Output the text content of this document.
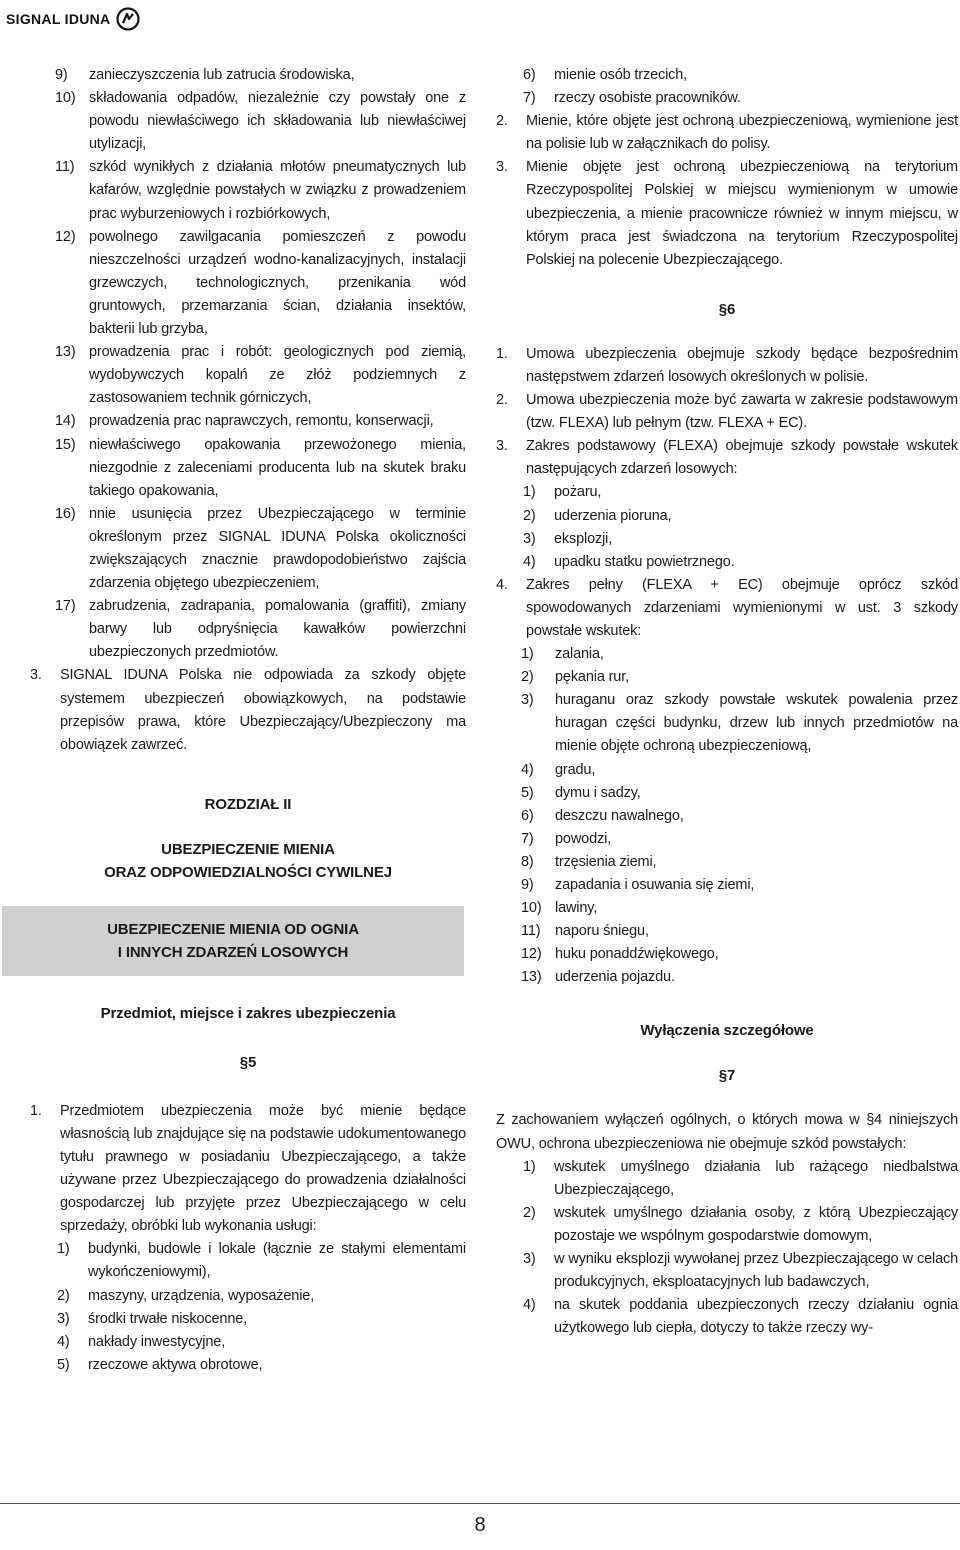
SIGNAL IDUNA
9) zanieczyszczenia lub zatrucia środowiska,
10) składowania odpadów, niezależnie czy powstały one z powodu niewłaściwego ich składowania lub niewłaściwej utylizacji,
11) szkód wynikłych z działania młotów pneumatycznych lub kafarów, względnie powstałych w związku z prowadzeniem prac wyburzeniowych i rozbiórkowych,
12) powolnego zawilgacania pomieszczeń z powodu nieszczelności urządzeń wodno-kanalizacyjnych, instalacji grzewczych, technologicznych, przenikania wód gruntowych, przemarzania ścian, działania insektów, bakterii lub grzyba,
13) prowadzenia prac i robót: geologicznych pod ziemią, wydobywczych kopalń ze złóż podziemnych z zastosowaniem technik górniczych,
14) prowadzenia prac naprawczych, remontu, konserwacji,
15) niewłaściwego opakowania przewożonego mienia, niezgodnie z zaleceniami producenta lub na skutek braku takiego opakowania,
16) nnie usunięcia przez Ubezpieczającego w terminie określonym przez SIGNAL IDUNA Polska okoliczności zwiększających znacznie prawdopodobieństwo zajścia zdarzenia objętego ubezpieczeniem,
17) zabrudzenia, zadrapania, pomalowania (graffiti), zmiany barwy lub odpryśnięcia kawałków powierzchni ubezpieczonych przedmiotów.
3. SIGNAL IDUNA Polska nie odpowiada za szkody objęte systemem ubezpieczeń obowiązkowych, na podstawie przepisów prawa, które Ubezpieczający/Ubezpieczony ma obowiązek zawrzeć.
ROZDZIAŁ II
UBEZPIECZENIE MIENIA
ORAZ ODPOWIEDZIALNOŚCI CYWILNEJ
UBEZPIECZENIE MIENIA OD OGNIA
I INNYCH ZDARZEŃ LOSOWYCH
Przedmiot, miejsce i zakres ubezpieczenia
§5
1. Przedmiotem ubezpieczenia może być mienie będące własnością lub znajdujące się na podstawie udokumentowanego tytułu prawnego w posiadaniu Ubezpieczającego, a także używane przez Ubezpieczającego do prowadzenia działalności gospodarczej lub przyjęte przez Ubezpieczającego w celu sprzedaży, obróbki lub wykonania usługi:
1) budynki, budowle i lokale (łącznie ze stałymi elementami wykończeniowymi),
2) maszyny, urządzenia, wyposażenie,
3) środki trwałe niskocenne,
4) nakłady inwestycyjne,
5) rzeczowe aktywa obrotowe,
6) mienie osób trzecich,
7) rzeczy osobiste pracowników.
2. Mienie, które objęte jest ochroną ubezpieczeniową, wymienione jest na polisie lub w załącznikach do polisy.
3. Mienie objęte jest ochroną ubezpieczeniową na terytorium Rzeczypospolitej Polskiej w miejscu wymienionym w umowie ubezpieczenia, a mienie pracownicze również w innym miejscu, w którym praca jest świadczona na terytorium Rzeczypospolitej Polskiej na polecenie Ubezpieczającego.
§6
1. Umowa ubezpieczenia obejmuje szkody będące bezpośrednim następstwem zdarzeń losowych określonych w polisie.
2. Umowa ubezpieczenia może być zawarta w zakresie podstawowym (tzw. FLEXA) lub pełnym (tzw. FLEXA + EC).
3. Zakres podstawowy (FLEXA) obejmuje szkody powstałe wskutek następujących zdarzeń losowych:
1) pożaru,
2) uderzenia pioruna,
3) eksplozji,
4) upadku statku powietrznego.
4. Zakres pełny (FLEXA + EC) obejmuje oprócz szkód spowodowanych zdarzeniami wymienionymi w ust. 3 szkody powstałe wskutek:
1) zalania,
2) pękania rur,
3) huraganu oraz szkody powstałe wskutek powalenia przez huragan części budynku, drzew lub innych przedmiotów na mienie objęte ochroną ubezpieczeniową,
4) gradu,
5) dymu i sadzy,
6) deszczu nawalnego,
7) powodzi,
8) trzęsienia ziemi,
9) zapadania i osuwania się ziemi,
10) lawiny,
11) naporu śniegu,
12) huku ponaddźwiękowego,
13) uderzenia pojazdu.
Wyłączenia szczegółowe
§7
Z zachowaniem wyłączeń ogólnych, o których mowa w §4 niniejszych OWU, ochrona ubezpieczeniowa nie obejmuje szkód powstałych:
1) wskutek umyślnego działania lub rażącego niedbalstwa Ubezpieczającego,
2) wskutek umyślnego działania osoby, z którą Ubezpieczający pozostaje we wspólnym gospodarstwie domowym,
3) w wyniku eksplozji wywołanej przez Ubezpieczającego w celach produkcyjnych, eksploatacyjnych lub badawczych,
4) na skutek poddania ubezpieczonych rzeczy działaniu ognia użytkowego lub ciepła, dotyczy to także rzeczy wy-
8
